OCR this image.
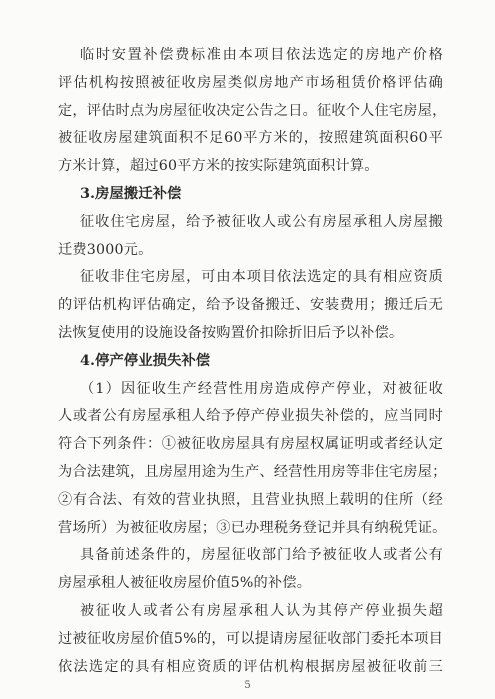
临时安置补偿费标准由本项目依法选定的房地产价格
评估机构按照被征收房屋类似房地产市场租赁价格评估确
定，评估时点为房屋征收决定公告之日。征收个人住宅房屋，
被征收房屋建筑面积不足60平方米的，按照建筑面积60平
方米计算，超过60平方米的按实际建筑面积计算。
3.房屋搬迁补偿
征收住宅房屋，给予被征收人或公有房屋承租人房屋搬
迁费3000元。
征收非住宅房屋，可由本项目依法选定的具有相应资质
的评估机构评估确定，给予设备搬迁、安装费用；搬迁后无
法恢复使用的设施设备按购置价扣除折旧后予以补偿。
4.停产停业损失补偿
（1）因征收生产经营性用房造成停产停业，对被征收
人或者公有房屋承租人给予停产停业损失补偿的，应当同时
符合下列条件：①被征收房屋具有房屋权属证明或者经认定
为合法建筑，且房屋用途为生产、经营性用房等非住宅房屋；
②有合法、有效的营业执照，且营业执照上载明的住所（经
营场所）为被征收房屋；③已办理税务登记并具有纳税凭证。
具备前述条件的，房屋征收部门给予被征收人或者公有
房屋承租人被征收房屋价值5%的补偿。
被征收人或者公有房屋承租人认为其停产停业损失超
过被征收房屋价值5%的，可以提请房屋征收部门委托本项目
依法选定的具有相应资质的评估机构根据房屋被征收前三
5
